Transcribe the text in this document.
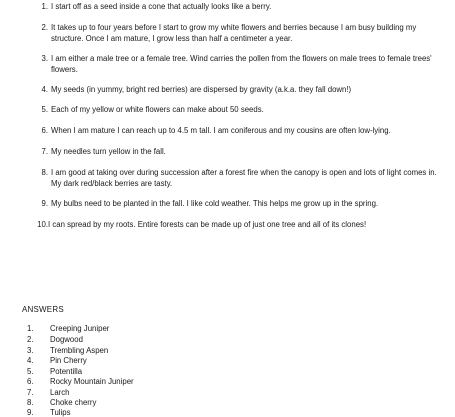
1. I start off as a seed inside a cone that actually looks like a berry.
2. It takes up to four years before I start to grow my white flowers and berries because I am busy building my structure. Once I am mature, I grow less than half a centimeter a year.
3. I am either a male tree or a female tree. Wind carries the pollen from the flowers on male trees to female trees' flowers.
4. My seeds (in yummy, bright red berries) are dispersed by gravity (a.k.a. they fall down!)
5. Each of my yellow or white flowers can make about 50 seeds.
6. When I am mature I can reach up to 4.5 m tall. I am coniferous and my cousins are often low-lying.
7. My needles turn yellow in the fall.
8. I am good at taking over during succession after a forest fire when the canopy is open and lots of light comes in. My dark red/black berries are tasty.
9. My bulbs need to be planted in the fall. I like cold weather. This helps me grow up in the spring.
10. I can spread by my roots. Entire forests can be made up of just one tree and all of its clones!
ANSWERS
1.	Creeping Juniper
2.	Dogwood
3.	Trembling Aspen
4.	Pin Cherry
5.	Potentilla
6.	Rocky Mountain Juniper
7.	Larch
8.	Choke cherry
9.	Tulips
